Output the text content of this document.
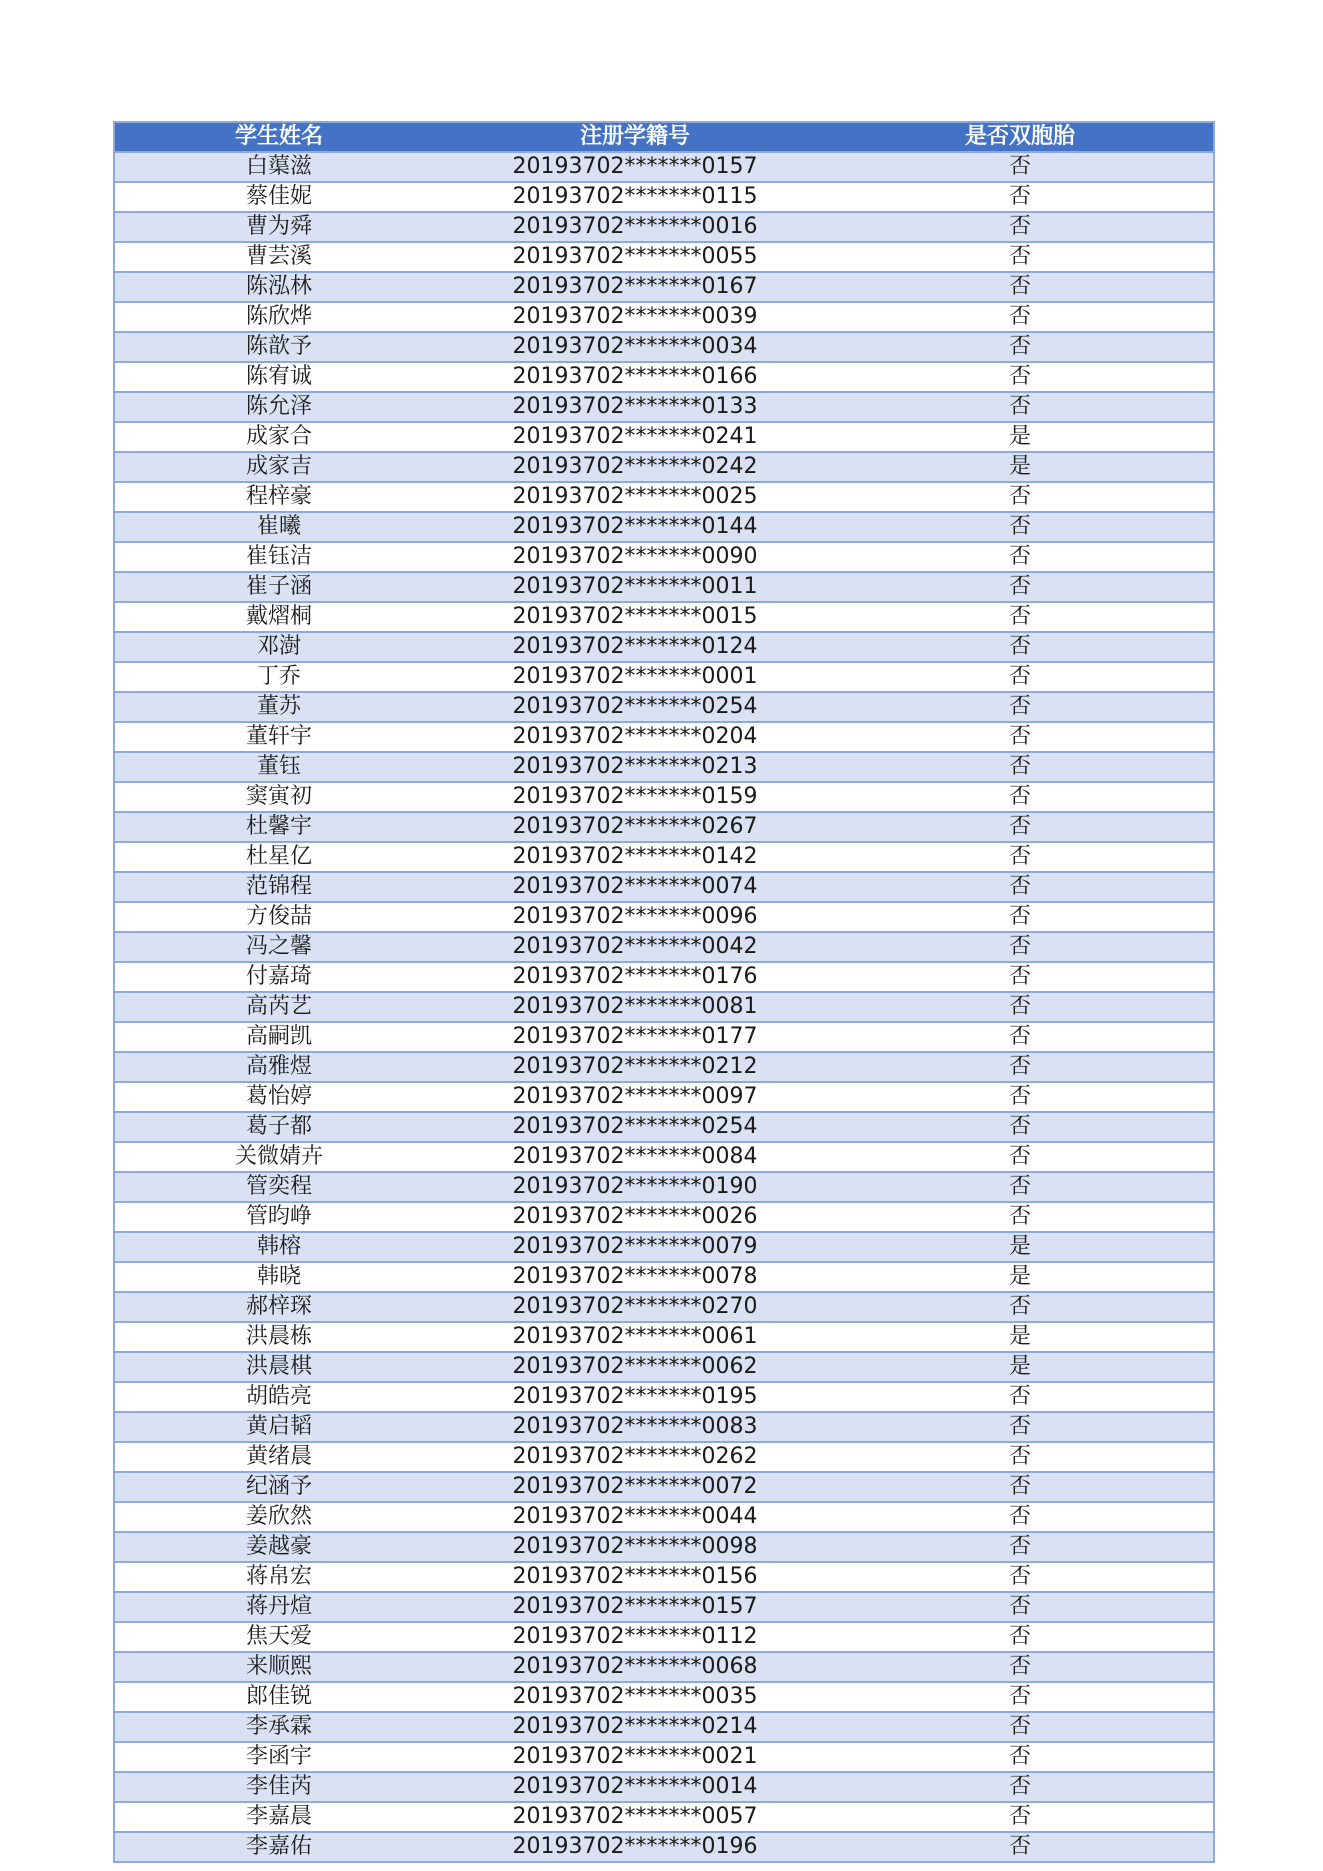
学生姓名	注册学籍号	是否双胞胎
白蕖滋	20193702*******0157	否
蔡佳妮	20193702*******0115	否
曹为舜	20193702*******0016	否
曹芸溪	20193702*******0055	否
陈泓林	20193702*******0167	否
陈欣烨	20193702*******0039	否
陈歆予	20193702*******0034	否
陈宥诚	20193702*******0166	否
陈允泽	20193702*******0133	否
成家合	20193702*******0241	是
成家吉	20193702*******0242	是
程梓豪	20193702*******0025	否
崔曦	20193702*******0144	否
崔钰洁	20193702*******0090	否
崔子涵	20193702*******0011	否
戴熠桐	20193702*******0015	否
邓澍	20193702*******0124	否
丁乔	20193702*******0001	否
董苏	20193702*******0254	否
董轩宇	20193702*******0204	否
董钰	20193702*******0213	否
窦寅初	20193702*******0159	否
杜馨宇	20193702*******0267	否
杜星亿	20193702*******0142	否
范锦程	20193702*******0074	否
方俊喆	20193702*******0096	否
冯之馨	20193702*******0042	否
付嘉琦	20193702*******0176	否
高芮艺	20193702*******0081	否
高嗣凯	20193702*******0177	否
高雅煜	20193702*******0212	否
葛怡婷	20193702*******0097	否
葛子都	20193702*******0254	否
关微婧卉	20193702*******0084	否
管奕程	20193702*******0190	否
管昀峥	20193702*******0026	否
韩榕	20193702*******0079	是
韩晓	20193702*******0078	是
郝梓琛	20193702*******0270	否
洪晨栋	20193702*******0061	是
洪晨棋	20193702*******0062	是
胡皓亮	20193702*******0195	否
黄启韬	20193702*******0083	否
黄绪晨	20193702*******0262	否
纪涵予	20193702*******0072	否
姜欣然	20193702*******0044	否
姜越豪	20193702*******0098	否
蒋帛宏	20193702*******0156	否
蒋丹煊	20193702*******0157	否
焦天爱	20193702*******0112	否
来顺熙	20193702*******0068	否
郎佳锐	20193702*******0035	否
李承霖	20193702*******0214	否
李函宇	20193702*******0021	否
李佳芮	20193702*******0014	否
李嘉晨	20193702*******0057	否
李嘉佑	20193702*******0196	否
